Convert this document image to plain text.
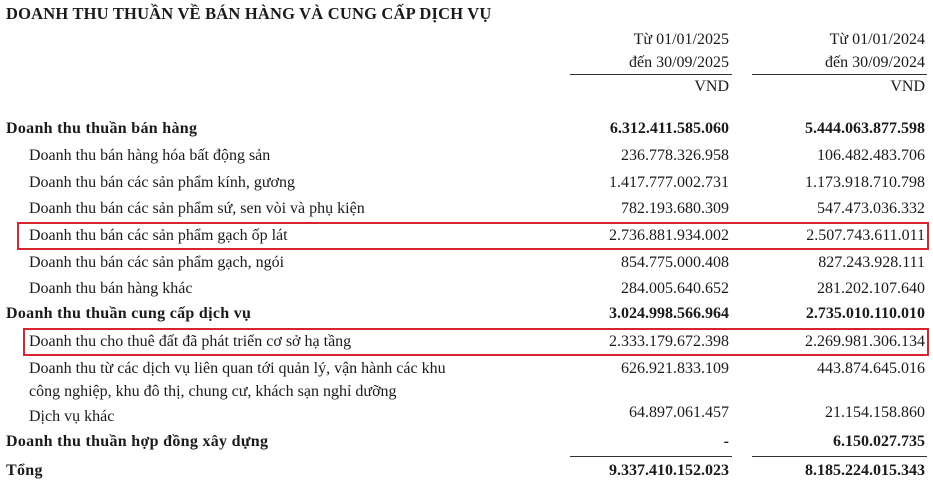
DOANH THU THUẦN VỀ BÁN HÀNG VÀ CUNG CẤP DỊCH VỤ
Từ 01/01/2025
đến 30/09/2025
VND
Từ 01/01/2024
đến 30/09/2024
VND
Doanh thu thuần bán hàng	6.312.411.585.060	5.444.063.877.598
Doanh thu bán hàng hóa bất động sản	236.778.326.958	106.482.483.706
Doanh thu bán các sản phẩm kính, gương	1.417.777.002.731	1.173.918.710.798
Doanh thu bán các sản phẩm sứ, sen vòi và phụ kiện	782.193.680.309	547.473.036.332
Doanh thu bán các sản phẩm gạch ốp lát	2.736.881.934.002	2.507.743.611.011
Doanh thu bán các sản phẩm gạch, ngói	854.775.000.408	827.243.928.111
Doanh thu bán hàng khác	284.005.640.652	281.202.107.640
Doanh thu thuần cung cấp dịch vụ	3.024.998.566.964	2.735.010.110.010
Doanh thu cho thuê đất đã phát triển cơ sở hạ tầng	2.333.179.672.398	2.269.981.306.134
Doanh thu từ các dịch vụ liên quan tới quản lý, vận hành các khu
công nghiệp, khu đô thị, chung cư, khách sạn nghỉ dưỡng
626.921.833.109	443.874.645.016
Dịch vụ khác	64.897.061.457	21.154.158.860
Doanh thu thuần hợp đồng xây dựng	-	6.150.027.735
Tổng	9.337.410.152.023	8.185.224.015.343
